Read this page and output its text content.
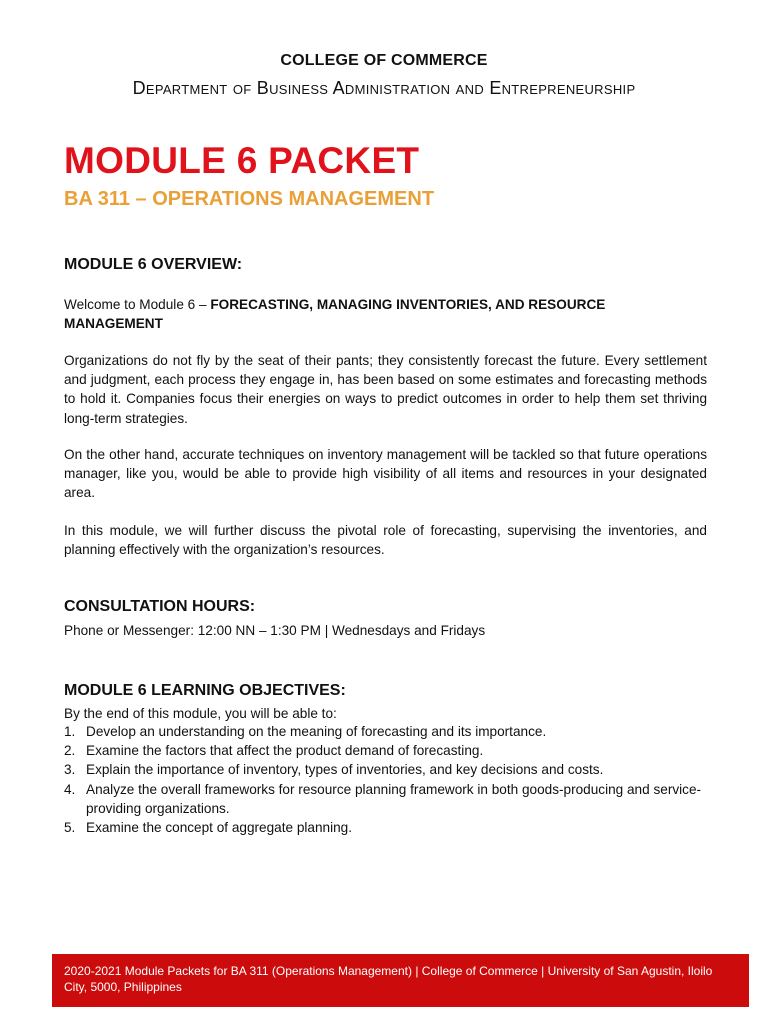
COLLEGE OF COMMERCE
Department of Business Administration and Entrepreneurship
MODULE 6 PACKET
BA 311 – OPERATIONS MANAGEMENT
MODULE 6 OVERVIEW:

Welcome to Module 6 – FORECASTING, MANAGING INVENTORIES, AND RESOURCE MANAGEMENT

Organizations do not fly by the seat of their pants; they consistently forecast the future. Every settlement and judgment, each process they engage in, has been based on some estimates and forecasting methods to hold it. Companies focus their energies on ways to predict outcomes in order to help them set thriving long-term strategies.

On the other hand, accurate techniques on inventory management will be tackled so that future operations manager, like you, would be able to provide high visibility of all items and resources in your designated area.

In this module, we will further discuss the pivotal role of forecasting, supervising the inventories, and planning effectively with the organization’s resources.

CONSULTATION HOURS:

Phone or Messenger: 12:00 NN – 1:30 PM | Wednesdays and Fridays

MODULE 6 LEARNING OBJECTIVES:

By the end of this module, you will be able to:

1. Develop an understanding on the meaning of forecasting and its importance.
2. Examine the factors that affect the product demand of forecasting.
3. Explain the importance of inventory, types of inventories, and key decisions and costs.
4. Analyze the overall frameworks for resource planning framework in both goods-producing and service-providing organizations.
5. Examine the concept of aggregate planning.
2020-2021 Module Packets for BA 311 (Operations Management) | College of Commerce | University of San Agustin, Iloilo City, 5000, Philippines
